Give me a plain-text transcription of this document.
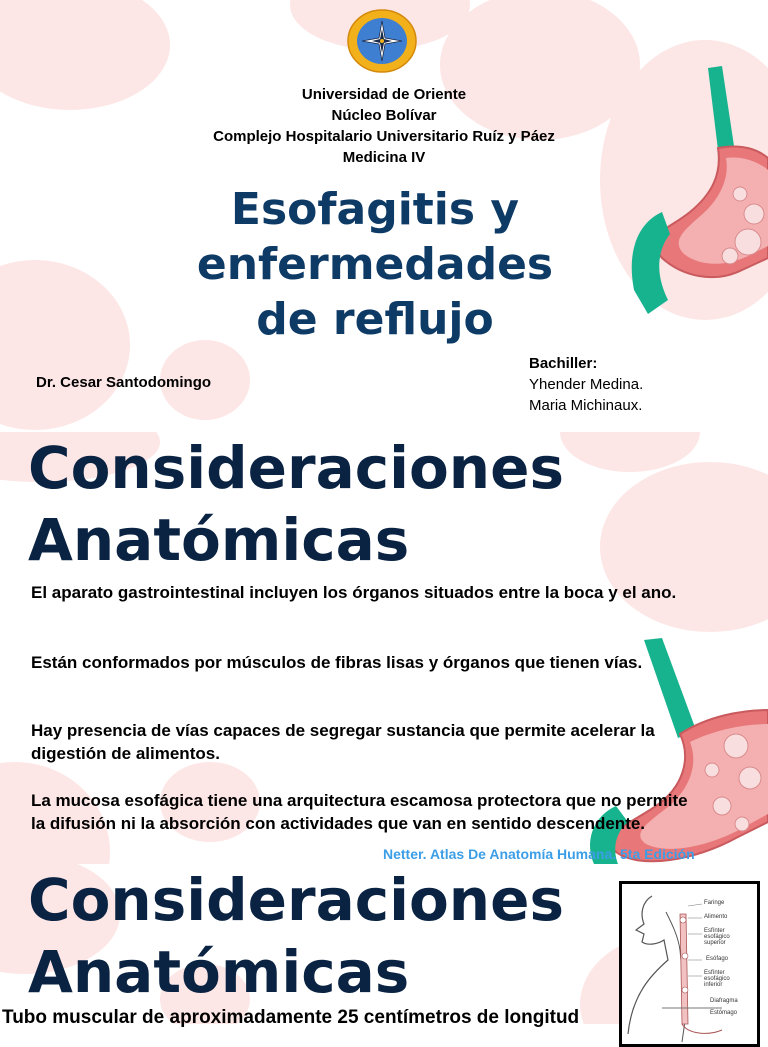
Universidad de Oriente
Núcleo Bolívar
Complejo Hospitalario Universitario Ruíz y Páez
Medicina IV
Esofagitis y
enfermedades
de reflujo
Dr. Cesar Santodomingo
Bachiller:
Yhender Medina.
Maria Michinaux.
Consideraciones
Anatómicas
El aparato gastrointestinal incluyen los órganos situados entre la boca y el ano.
Están conformados por músculos de fibras lisas y órganos que tienen vías.
Hay presencia de vías capaces de segregar sustancia que permite acelerar la digestión de alimentos.
La mucosa esofágica tiene una arquitectura escamosa protectora que no permite la difusión ni la absorción con actividades que van en sentido descendente.
Netter. Atlas De Anatomía Humana. 5ta Edición
Consideraciones
Anatómicas
Tubo muscular de aproximadamente 25 centímetros de longitud
Faringe
Alimento
Esfínter esofágico superior
Esófago
Esfínter esofágico inferior
Diafragma
Estómago
